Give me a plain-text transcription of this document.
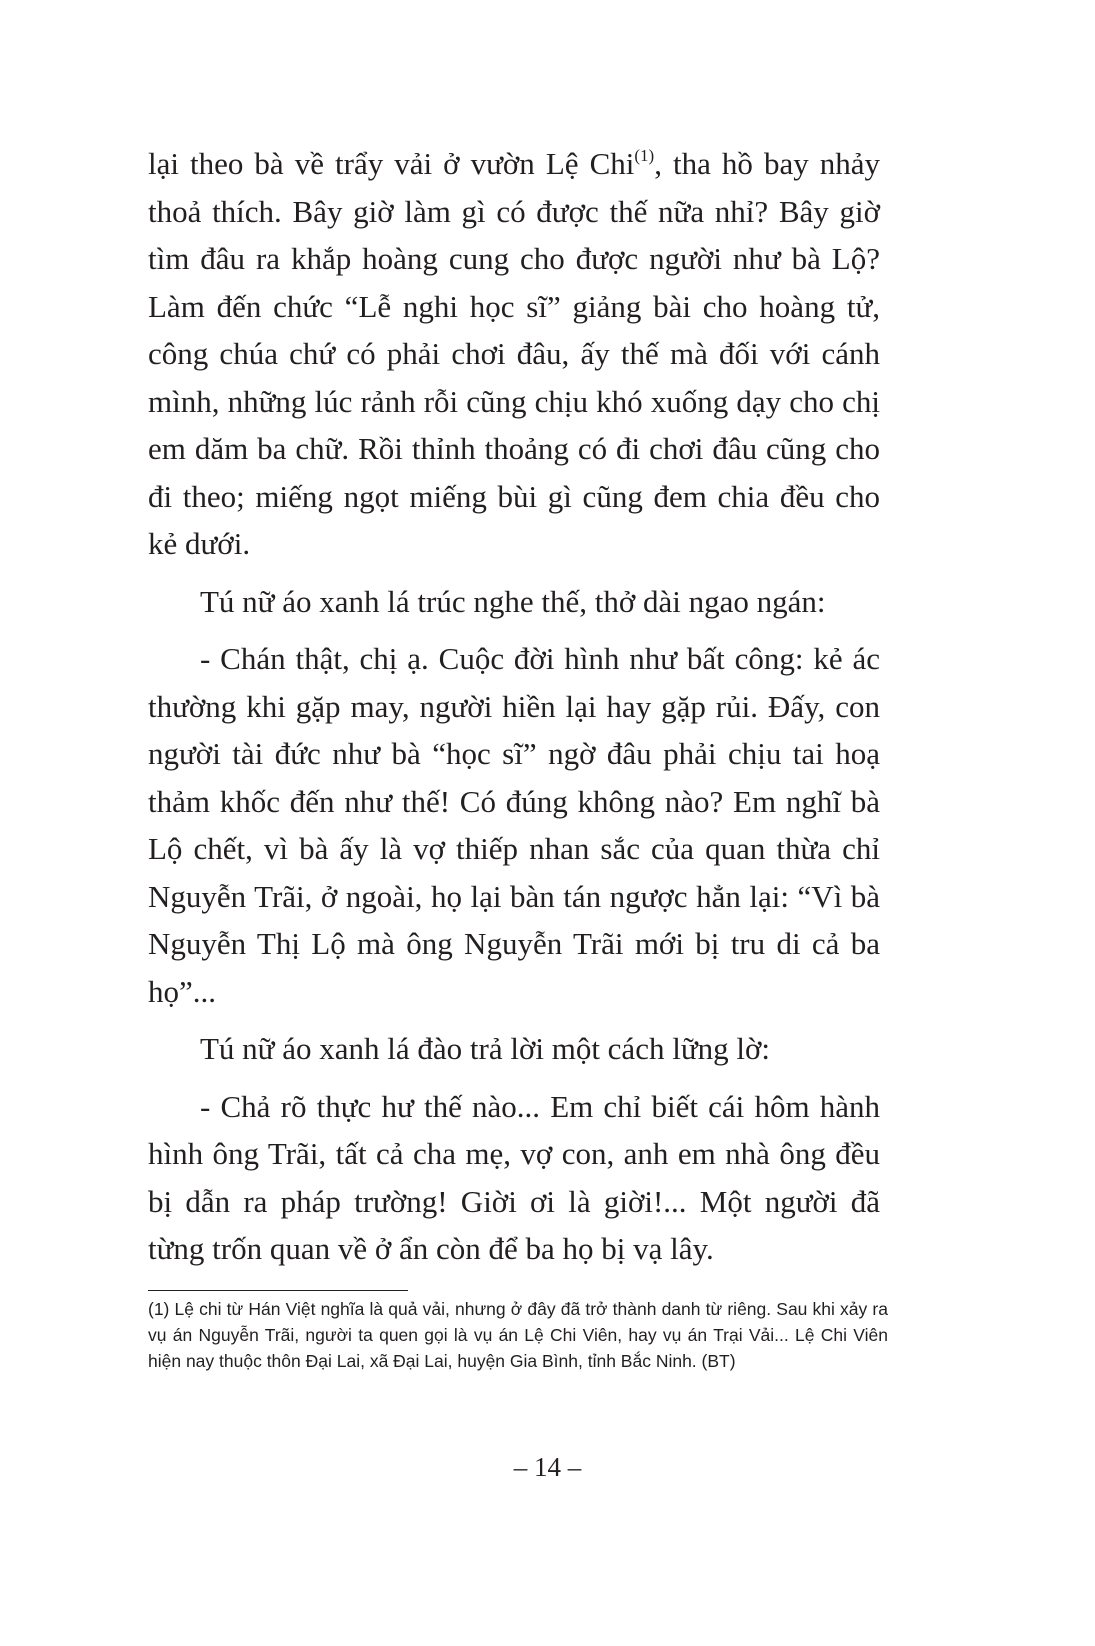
lại theo bà về trẩy vải ở vườn Lệ Chi$^{(1)}$, tha hồ bay nhảy thoả thích. Bây giờ làm gì có được thế nữa nhỉ? Bây giờ tìm đâu ra khắp hoàng cung cho được người như bà Lộ? Làm đến chức “Lễ nghi học sĩ” giảng bài cho hoàng tử, công chúa chứ có phải chơi đâu, ấy thế mà đối với cánh mình, những lúc rảnh rỗi cũng chịu khó xuống dạy cho chị em dăm ba chữ. Rồi thỉnh thoảng có đi chơi đâu cũng cho đi theo; miếng ngọt miếng bùi gì cũng đem chia đều cho kẻ dưới.

Tú nữ áo xanh lá trúc nghe thế, thở dài ngao ngán:

- Chán thật, chị ạ. Cuộc đời hình như bất công: kẻ ác thường khi gặp may, người hiền lại hay gặp rủi. Đấy, con người tài đức như bà “học sĩ” ngờ đâu phải chịu tai hoạ thảm khốc đến như thế! Có đúng không nào? Em nghĩ bà Lộ chết, vì bà ấy là vợ thiếp nhan sắc của quan thừa chỉ Nguyễn Trãi, ở ngoài, họ lại bàn tán ngược hẳn lại: “Vì bà Nguyễn Thị Lộ mà ông Nguyễn Trãi mới bị tru di cả ba họ”...

Tú nữ áo xanh lá đào trả lời một cách lững lờ:

- Chả rõ thực hư thế nào... Em chỉ biết cái hôm hành hình ông Trãi, tất cả cha mẹ, vợ con, anh em nhà ông đều bị dẫn ra pháp trường! Giời ơi là giời!... Một người đã từng trốn quan về ở ẩn còn để ba họ bị vạ lây.

(1) Lệ chi từ Hán Việt nghĩa là quả vải, nhưng ở đây đã trở thành danh từ riêng. Sau khi xảy ra vụ án Nguyễn Trãi, người ta quen gọi là vụ án Lệ Chi Viên, hay vụ án Trại Vải... Lệ Chi Viên hiện nay thuộc thôn Đại Lai, xã Đại Lai, huyện Gia Bình, tỉnh Bắc Ninh. (BT)

– 14 –
